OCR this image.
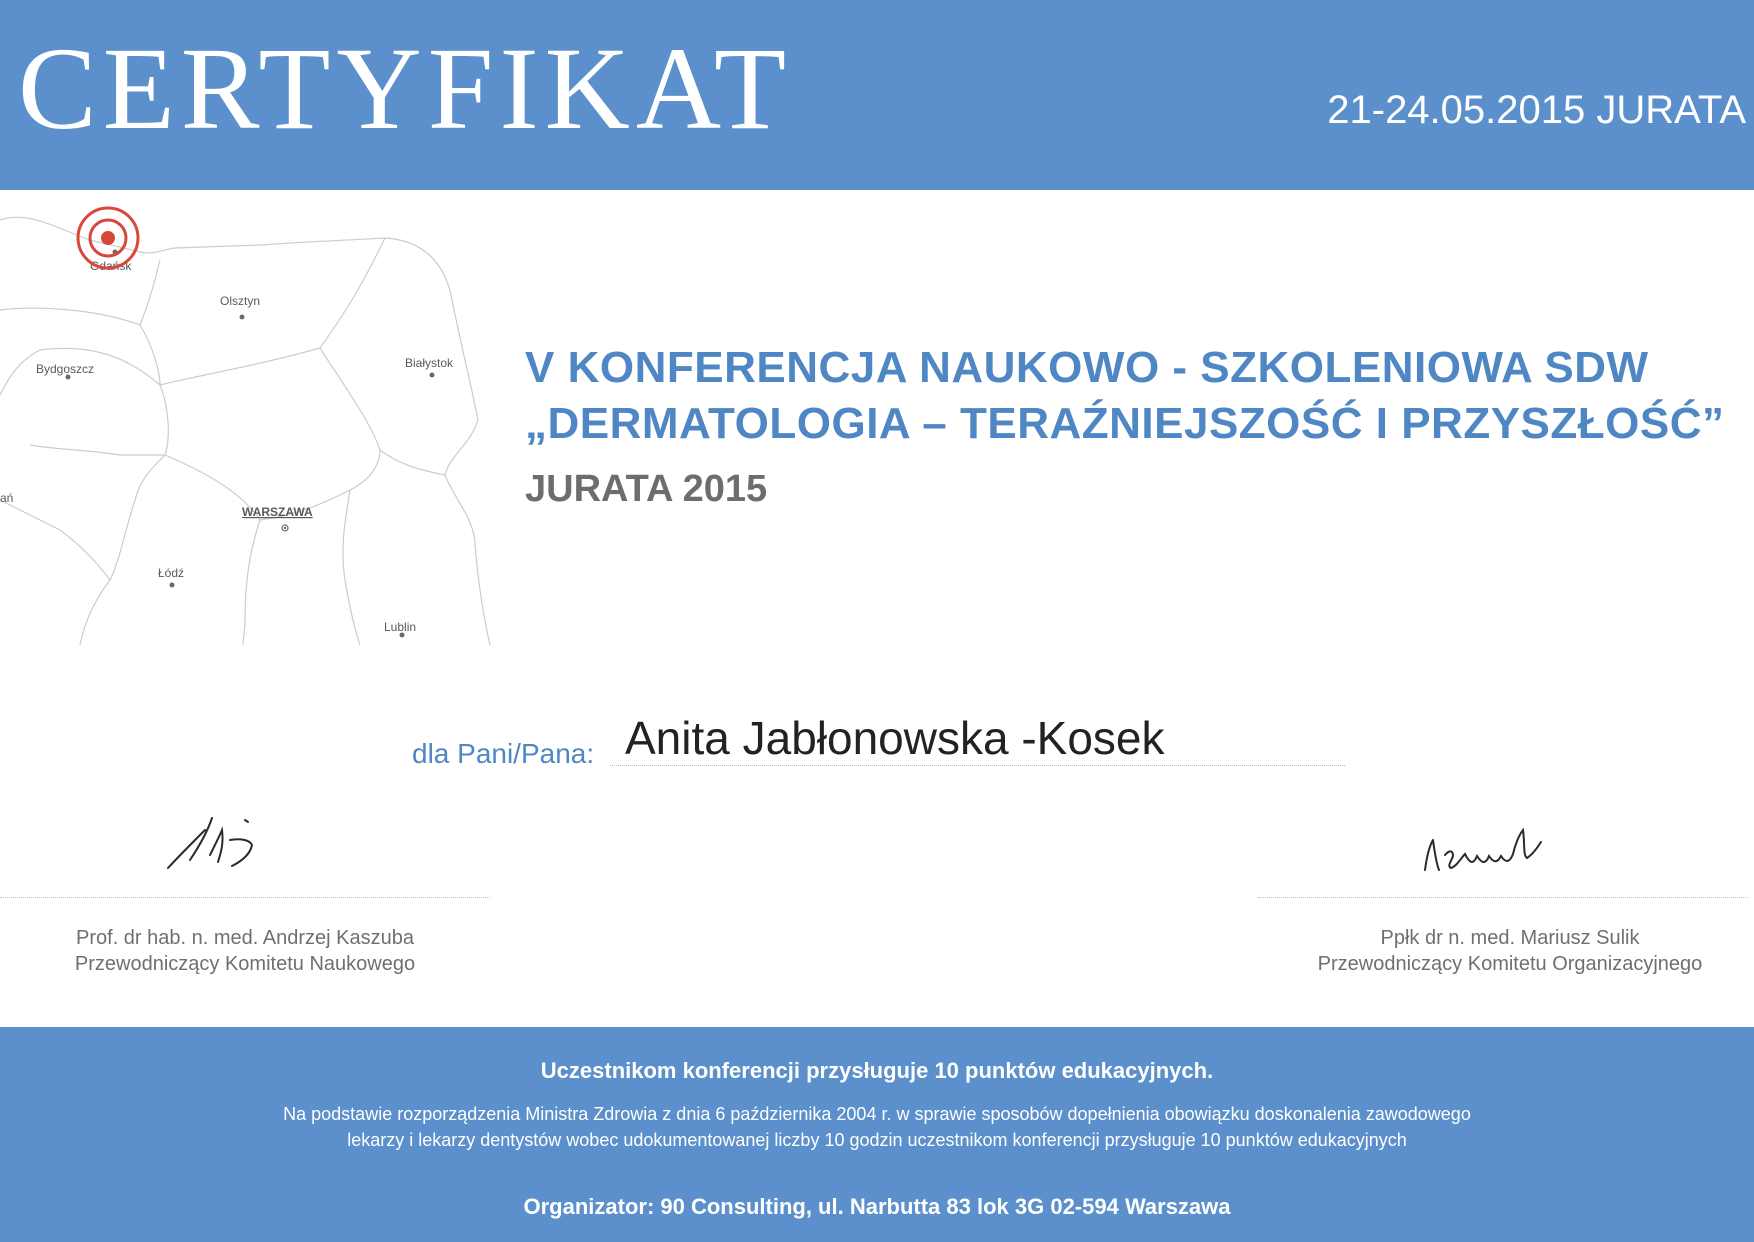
CERTYFIKAT	21-24.05.2015 JURATA
Gdańsk
Olsztyn
Bydgoszcz	Białystok
WARSZAWA
Łódź
Lublin
ań
V KONFERENCJA NAUKOWO - SZKOLENIOWA SDW
„DERMATOLOGIA – TERAŹNIEJSZOŚĆ I PRZYSZŁOŚĆ”
JURATA 2015
dla Pani/Pana: Anita Jabłonowska -Kosek
Prof. dr hab. n. med. Andrzej Kaszuba
Przewodniczący Komitetu Naukowego
Ppłk dr n. med. Mariusz Sulik
Przewodniczący Komitetu Organizacyjnego
Uczestnikom konferencji przysługuje 10 punktów edukacyjnych.
Na podstawie rozporządzenia Ministra Zdrowia z dnia 6 października 2004 r. w sprawie sposobów dopełnienia obowiązku doskonalenia zawodowego
lekarzy i lekarzy dentystów wobec udokumentowanej liczby 10 godzin uczestnikom konferencji przysługuje 10 punktów edukacyjnych
Organizator: 90 Consulting, ul. Narbutta 83 lok 3G 02-594 Warszawa
